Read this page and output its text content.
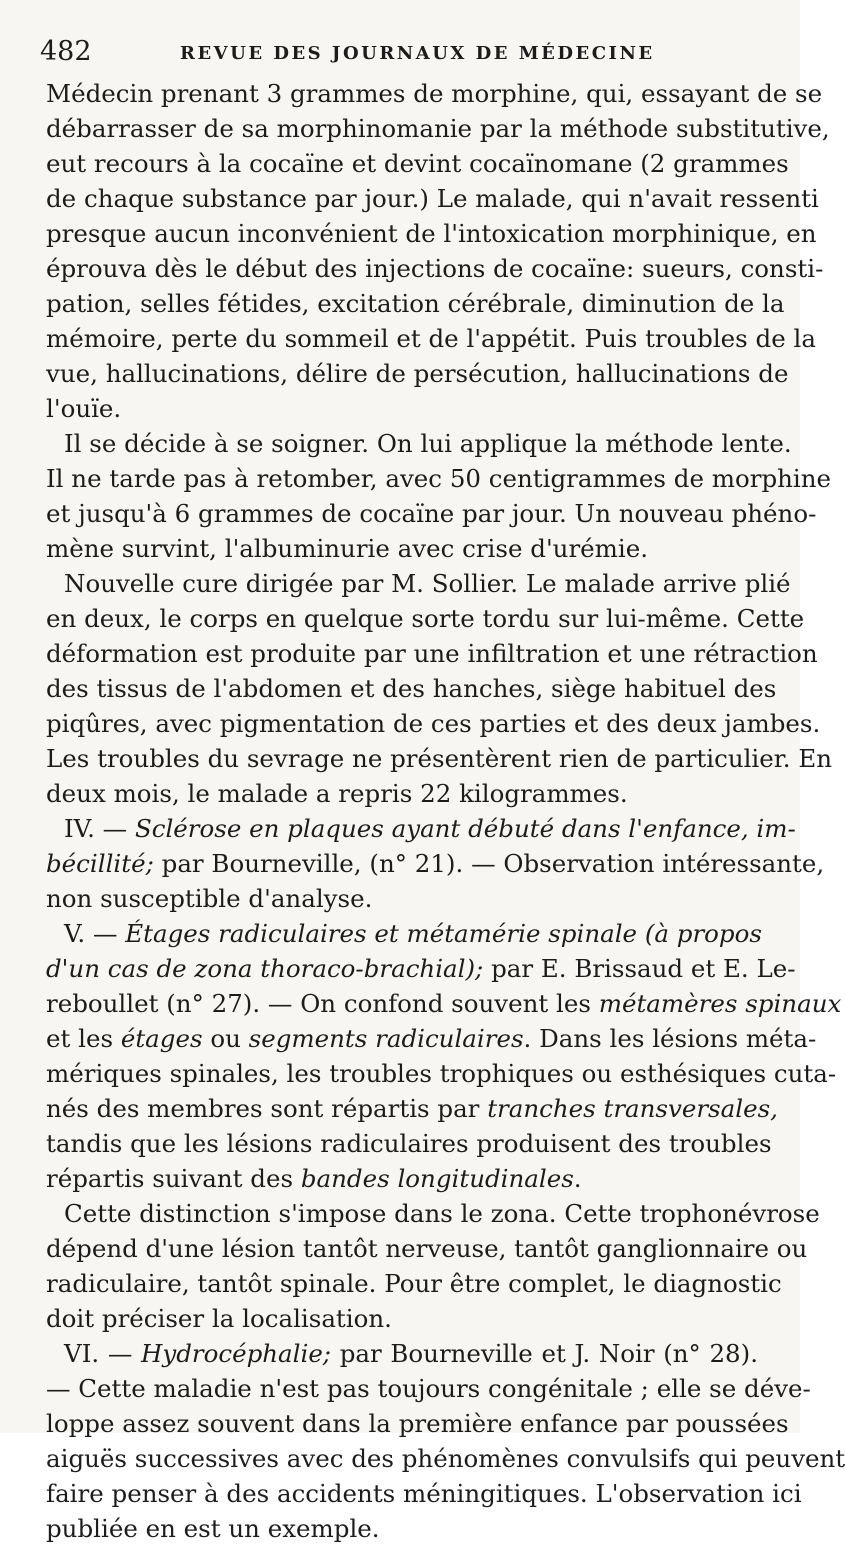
482	REVUE DES JOURNAUX DE MÉDECINE
Médecin prenant 3 grammes de morphine, qui, essayant de se
débarrasser de sa morphinomanie par la méthode substitutive,
eut recours à la cocaïne et devint cocaïnomane (2 grammes
de chaque substance par jour.) Le malade, qui n'avait ressenti
presque aucun inconvénient de l'intoxication morphinique, en
éprouva dès le début des injections de cocaïne: sueurs, consti-
pation, selles fétides, excitation cérébrale, diminution de la
mémoire, perte du sommeil et de l'appétit. Puis troubles de la
vue, hallucinations, délire de persécution, hallucinations de
l'ouïe.
Il se décide à se soigner. On lui applique la méthode lente.
Il ne tarde pas à retomber, avec 50 centigrammes de morphine
et jusqu'à 6 grammes de cocaïne par jour. Un nouveau phéno-
mène survint, l'albuminurie avec crise d'urémie.
Nouvelle cure dirigée par M. Sollier. Le malade arrive plié
en deux, le corps en quelque sorte tordu sur lui-même. Cette
déformation est produite par une infiltration et une rétraction
des tissus de l'abdomen et des hanches, siège habituel des
piqûres, avec pigmentation de ces parties et des deux jambes.
Les troubles du sevrage ne présentèrent rien de particulier. En
deux mois, le malade a repris 22 kilogrammes.
IV. — Sclérose en plaques ayant débuté dans l'enfance, im-
bécillité; par Bourneville, (n° 21). — Observation intéressante,
non susceptible d'analyse.
V. — Étages radiculaires et métamérie spinale (à propos
d'un cas de zona thoraco-brachial); par E. Brissaud et E. Le-
reboullet (n° 27). — On confond souvent les métamères spinaux
et les étages ou segments radiculaires. Dans les lésions méta-
mériques spinales, les troubles trophiques ou esthésiques cuta-
nés des membres sont répartis par tranches transversales,
tandis que les lésions radiculaires produisent des troubles
répartis suivant des bandes longitudinales.
Cette distinction s'impose dans le zona. Cette trophonévrose
dépend d'une lésion tantôt nerveuse, tantôt ganglionnaire ou
radiculaire, tantôt spinale. Pour être complet, le diagnostic
doit préciser la localisation.
VI. — Hydrocéphalie; par Bourneville et J. Noir (n° 28).
— Cette maladie n'est pas toujours congénitale ; elle se déve-
loppe assez souvent dans la première enfance par poussées
aiguës successives avec des phénomènes convulsifs qui peuvent
faire penser à des accidents méningitiques. L'observation ici
publiée en est un exemple.
